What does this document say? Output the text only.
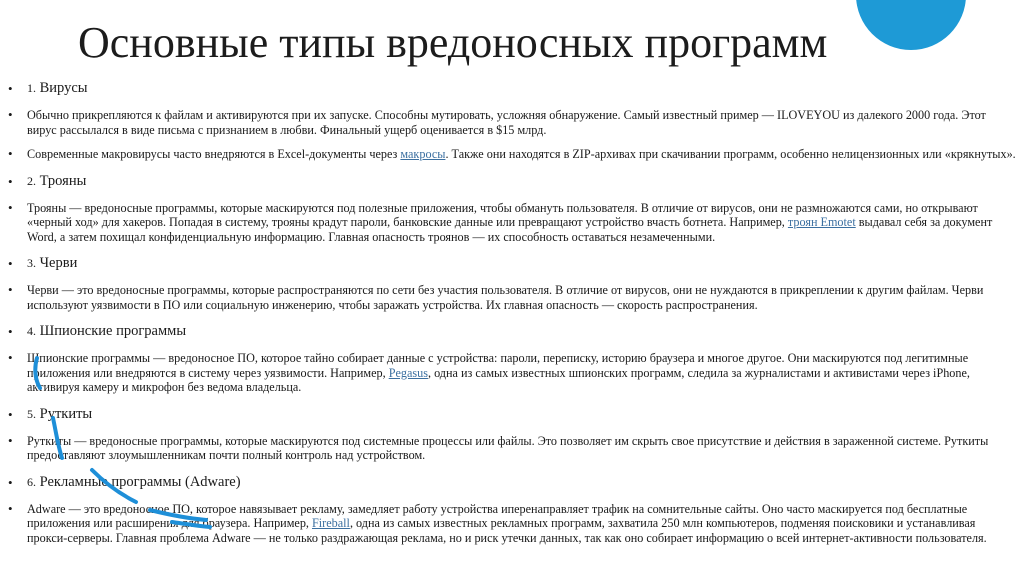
Основные типы вредоносных программ
• 1. Вирусы
• Обычно прикрепляются к файлам и активируются при их запуске. Способны мутировать, усложняя обнаружение. Самый известный пример — ILOVEYOU из далекого 2000 года. Этот вирус рассылался в виде письма с признанием в любви. Финальный ущерб оценивается в $15 млрд.
• Современные макровирусы часто внедряются в Excel-документы через макросы. Также они находятся в ZIP-архивах при скачивании программ, особенно нелицензионных или «крякнутых».
• 2. Трояны
• Трояны — вредоносные программы, которые маскируются под полезные приложения, чтобы обмануть пользователя. В отличие от вирусов, они не размножаются сами, но открывают «черный ход» для хакеров. Попадая в систему, трояны крадут пароли, банковские данные или превращают устройство вчасть ботнета. Например, троян Emotet выдавал себя за документ Word, а затем похищал конфиденциальную информацию. Главная опасность троянов — их способность оставаться незамеченными.
• 3. Черви
• Черви — это вредоносные программы, которые распространяются по сети без участия пользователя. В отличие от вирусов, они не нуждаются в прикреплении к другим файлам. Черви используют уязвимости в ПО или социальную инженерию, чтобы заражать устройства. Их главная опасность — скорость распространения.
• 4. Шпионские программы
• Шпионские программы — вредоносное ПО, которое тайно собирает данные с устройства: пароли, переписку, историю браузера и многое другое. Они маскируются под легитимные приложения или внедряются в систему через уязвимости. Например, Pegasus, одна из самых известных шпионских программ, следила за журналистами и активистами через iPhone, активируя камеру и микрофон без ведома владельца.
• 5. Руткиты
• Руткиты — вредоносные программы, которые маскируются под системные процессы или файлы. Это позволяет им скрыть свое присутствие и действия в зараженной системе. Руткиты предоставляют злоумышленникам почти полный контроль над устройством.
• 6. Рекламные программы (Adware)
• Adware — это вредоносное ПО, которое навязывает рекламу, замедляет работу устройства иперенаправляет трафик на сомнительные сайты. Оно часто маскируется под бесплатные приложения или расширения для браузера. Например, Fireball, одна из самых известных рекламных программ, захватила 250 млн компьютеров, подменяя поисковики и устанавливая прокси-серверы. Главная проблема Adware — не только раздражающая реклама, но и риск утечки данных, так как оно собирает информацию о всей интернет-активности пользователя.
